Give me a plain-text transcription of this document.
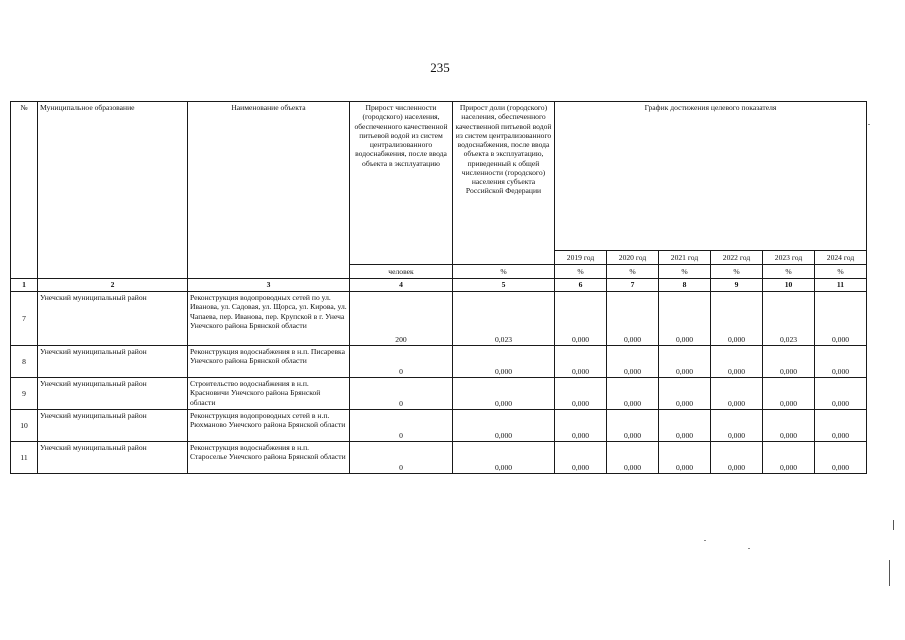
235
№	Муниципальное образование	Наименование объекта	Прирост численности (городского) населения, обеспеченного качественной питьевой водой из систем централизованного водоснабжения, после ввода объекта в эксплуатацию	Прирост доли (городского) населения, обеспеченного качественной питьевой водой из систем централизованного водоснабжения, после ввода объекта в эксплуатацию, приведенный к общей численности (городского) населения субъекта Российской Федерации	График достижения целевого показателя					
					2019 год	2020 год	2021 год	2022 год	2023 год	2024 год
			человек	%	%	%	%	%	%	%
1	2	3	4	5	6	7	8	9	10	11
7	Унечский муниципальный район	Реконструкция водопроводных сетей по ул. Иванова, ул. Садовая, ул. Щорса, ул. Кирова, ул. Чапаева, пер. Иванова, пер. Крупской в г. Унеча Унечского района Брянской области	200	0,023	0,000	0,000	0,000	0,000	0,023	0,000
8	Унечский муниципальный район	Реконструкция водоснабжения в н.п. Писаревка Унечского района Брянской области	0	0,000	0,000	0,000	0,000	0,000	0,000	0,000
9	Унечский муниципальный район	Строительство водоснабжения в н.п. Красновичи Унечского района Брянской области	0	0,000	0,000	0,000	0,000	0,000	0,000	0,000
10	Унечский муниципальный район	Реконструкция водопроводных сетей в н.п. Рюхманово Унечского района Брянской области	0	0,000	0,000	0,000	0,000	0,000	0,000	0,000
11	Унечский муниципальный район	Реконструкция водоснабжения в н.п. Староселье Унечского района Брянской области	0	0,000	0,000	0,000	0,000	0,000	0,000	0,000
